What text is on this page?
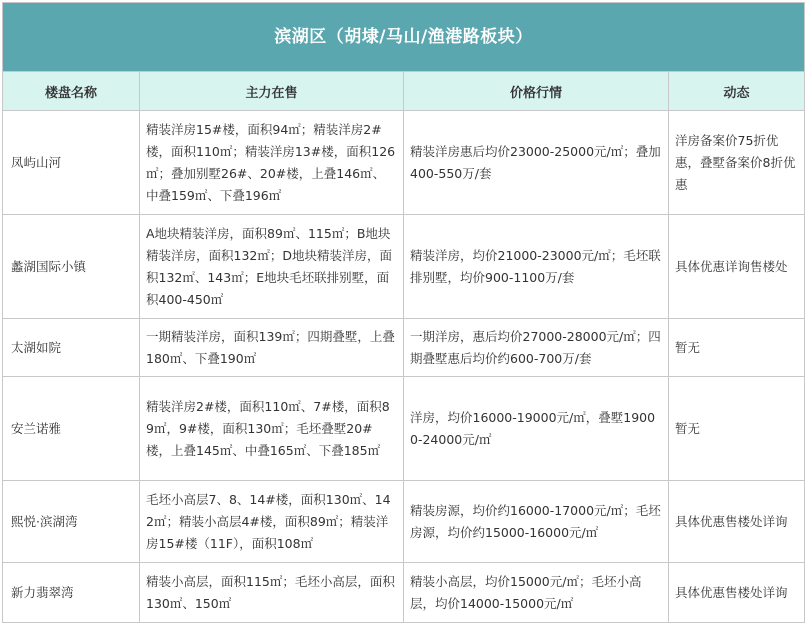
滨湖区（胡埭/马山/渔港路板块）			
楼盘名称	主力在售	价格行情	动态
凤屿山河	精装洋房15#楼，面积94㎡；精装洋房2#楼，面积110㎡；精装洋房13#楼，面积126㎡；叠加别墅26#、20#楼，上叠146㎡、中叠159㎡、下叠196㎡	精装洋房惠后均价23000-25000元/㎡；叠加400-550万/套	洋房备案价75折优惠，叠墅备案价8折优惠
蠡湖国际小镇	A地块精装洋房，面积89㎡、115㎡；B地块精装洋房，面积132㎡；D地块精装洋房，面积132㎡、143㎡；E地块毛坯联排别墅，面积400-450㎡	精装洋房，均价21000-23000元/㎡；毛坯联排别墅，均价900-1100万/套	具体优惠详询售楼处
太湖如院	一期精装洋房，面积139㎡；四期叠墅，上叠180㎡、下叠190㎡	一期洋房，惠后均价27000-28000元/㎡；四期叠墅惠后均价约600-700万/套	暂无
安兰诺雅	精装洋房2#楼，面积110㎡、7#楼，面积89㎡，9#楼，面积130㎡；毛坯叠墅20#楼，上叠145㎡、中叠165㎡、下叠185㎡	洋房，均价16000-19000元/㎡，叠墅19000-24000元/㎡	暂无
熙悦·滨湖湾	毛坯小高层7、8、14#楼，面积130㎡、142㎡；精装小高层4#楼，面积89㎡；精装洋房15#楼（11F），面积108㎡	精装房源，均价约16000-17000元/㎡；毛坯房源，均价约15000-16000元/㎡	具体优惠售楼处详询
新力翡翠湾	精装小高层，面积115㎡；毛坯小高层，面积130㎡、150㎡	精装小高层，均价15000元/㎡；毛坯小高层，均价14000-15000元/㎡	具体优惠售楼处详询
